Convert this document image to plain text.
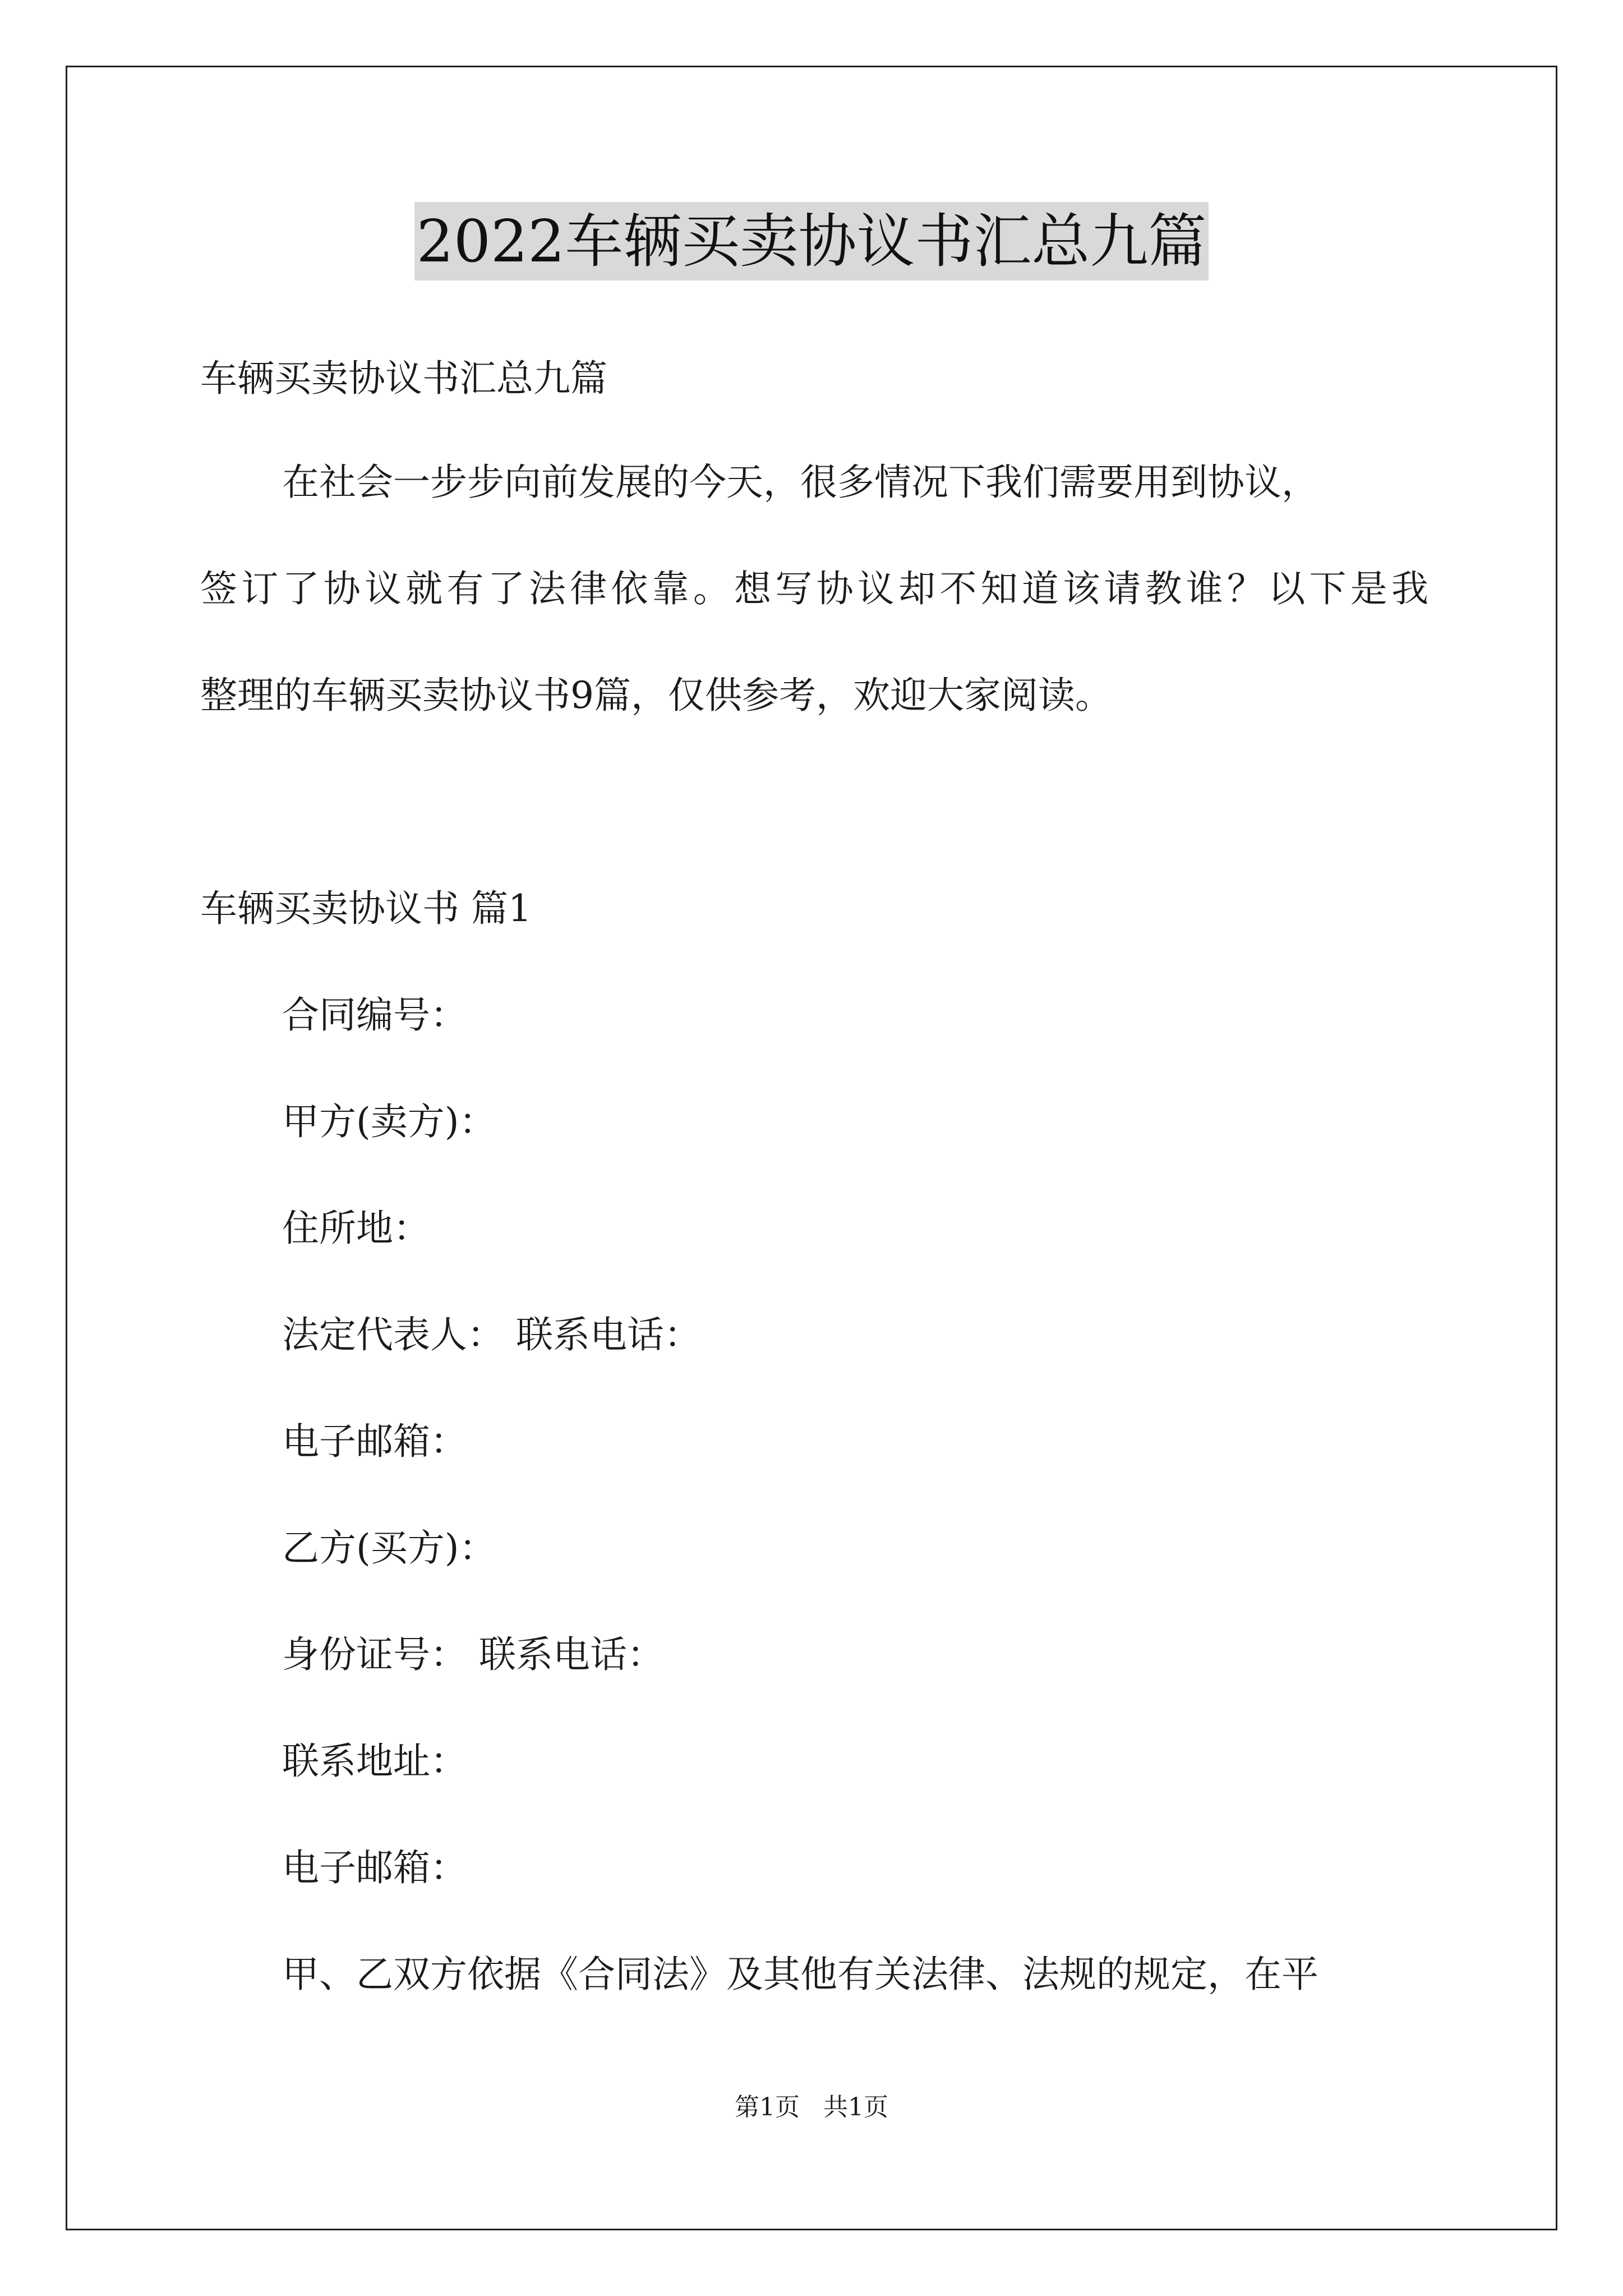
2022车辆买卖协议书汇总九篇
车辆买卖协议书汇总九篇
在社会一步步向前发展的今天，很多情况下我们需要用到协议，
签订了协议就有了法律依靠。想写协议却不知道该请教谁？以下是我
整理的车辆买卖协议书9篇，仅供参考，欢迎大家阅读。
车辆买卖协议书 篇1
合同编号：
甲方(卖方)：
住所地：
法定代表人： 联系电话：
电子邮箱：
乙方(买方)：
身份证号： 联系电话：
联系地址：
电子邮箱：
甲、乙双方依据《合同法》及其他有关法律、法规的规定，在平
第1页   共1页
